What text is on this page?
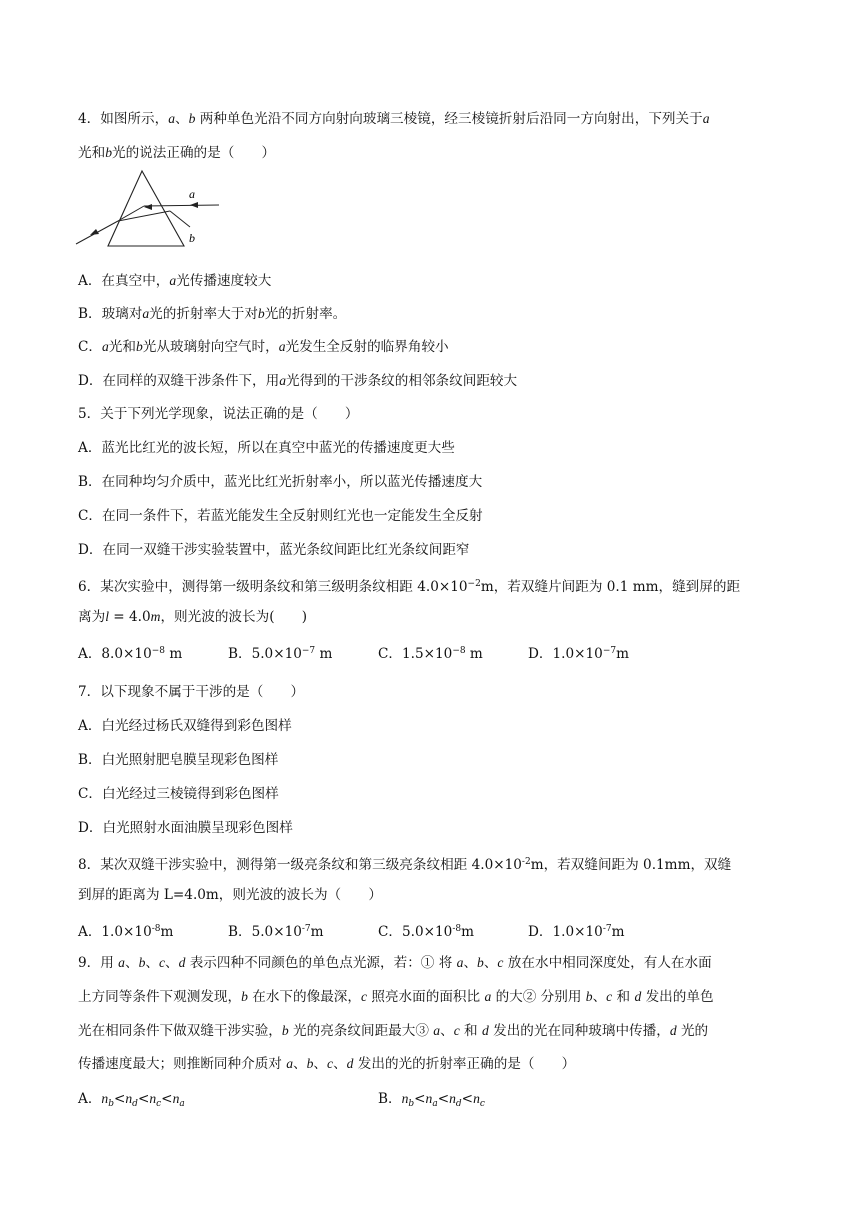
4．如图所示，a、b 两种单色光沿不同方向射向玻璃三棱镜，经三棱镜折射后沿同一方向射出，下列关于a
光和b光的说法正确的是（　　）
a
b
A．在真空中，a光传播速度较大
B．玻璃对a光的折射率大于对b光的折射率。
C．a光和b光从玻璃射向空气时，a光发生全反射的临界角较小
D．在同样的双缝干涉条件下，用a光得到的干涉条纹的相邻条纹间距较大
5．关于下列光学现象，说法正确的是（　　）
A．蓝光比红光的波长短，所以在真空中蓝光的传播速度更大些
B．在同种均匀介质中，蓝光比红光折射率小，所以蓝光传播速度大
C．在同一条件下，若蓝光能发生全反射则红光也一定能发生全反射
D．在同一双缝干涉实验装置中，蓝光条纹间距比红光条纹间距窄
6．某次实验中，测得第一级明条纹和第三级明条纹相距 $4.0\times 10^{-2}m$，若双缝片间距为 0.1 mm，缝到屏的距
离为l = 4.0m，则光波的波长为(　　)
A．$8.0\times 10^{-8}$ m	B．$5.0\times 10^{-7}$ m	C．$1.5\times 10^{-8}$ m	D．$1.0\times 10^{-7}m$
7．以下现象不属于干涉的是（　　）
A．白光经过杨氏双缝得到彩色图样
B．白光照射肥皂膜呈现彩色图样
C．白光经过三棱镜得到彩色图样
D．白光照射水面油膜呈现彩色图样
8．某次双缝干涉实验中，测得第一级亮条纹和第三级亮条纹相距 $4.0\times 10^{-2}m$，若双缝间距为 0.1mm，双缝
到屏的距离为 L=4.0m，则光波的波长为（　　）
A．$1.0\times 10^{-8}m$	B．$5.0\times 10^{-7}m$	C．$5.0\times 10^{-8}m$	D．$1.0\times 10^{-7}m$
9．用 a、b、c、d 表示四种不同颜色的单色点光源，若：① 将 a、b、c 放在水中相同深度处，有人在水面
上方同等条件下观测发现，b 在水下的像最深，c 照亮水面的面积比 a 的大② 分别用 b、c 和 d 发出的单色
光在相同条件下做双缝干涉实验，b 光的亮条纹间距最大③ a、c 和 d 发出的光在同种玻璃中传播，d 光的
传播速度最大；则推断同种介质对 a、b、c、d 发出的光的折射率正确的是（　　）
A．$n_b<n_d<n_c<n_a$	B．$n_b<n_a<n_d<n_c$
